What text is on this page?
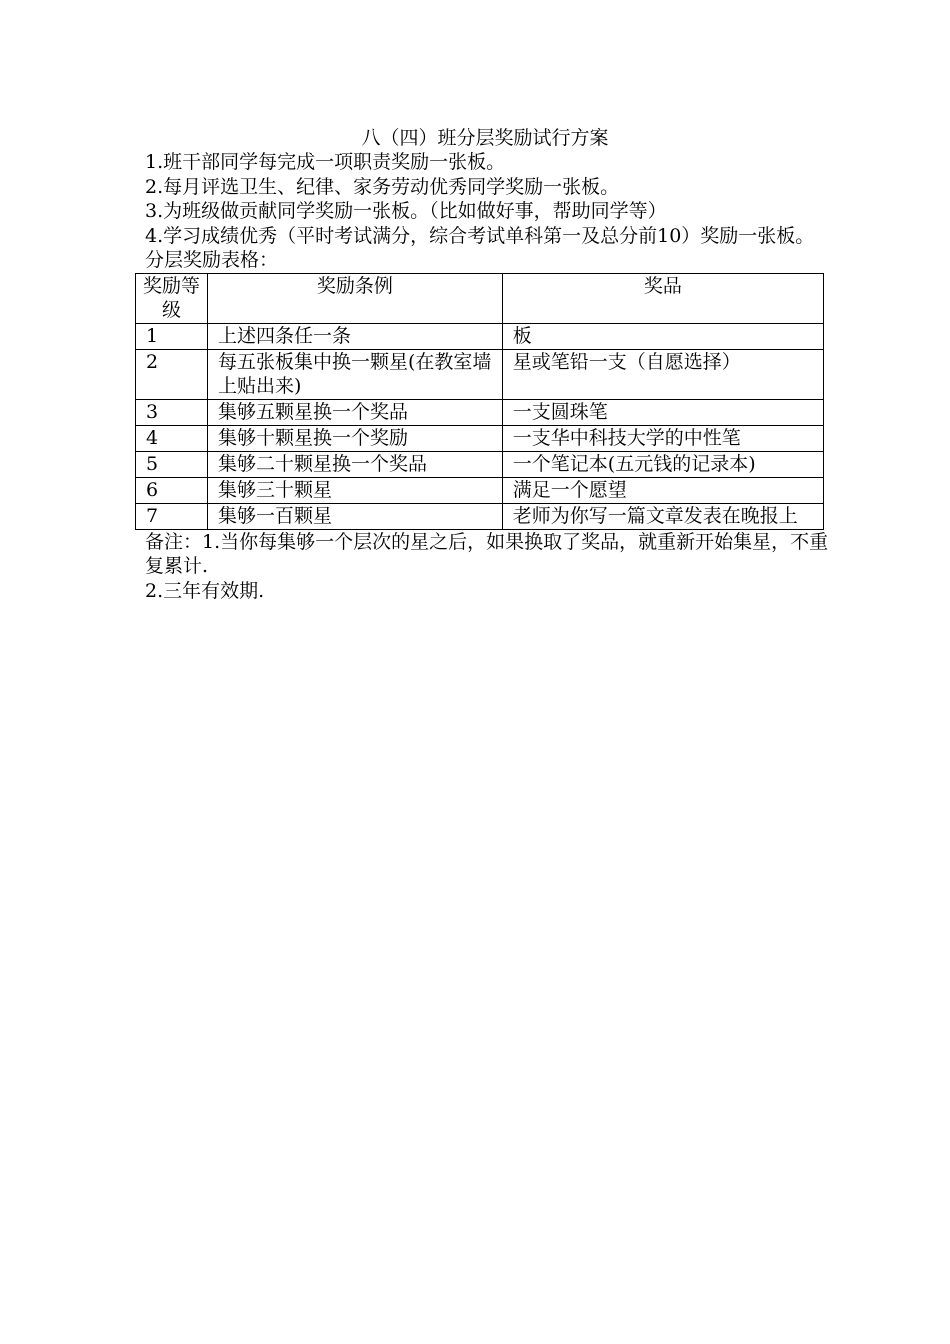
八（四）班分层奖励试行方案

1.班干部同学每完成一项职责奖励一张板。

2.每月评选卫生、纪律、家务劳动优秀同学奖励一张板。

3.为班级做贡献同学奖励一张板。（比如做好事，帮助同学等）

4.学习成绩优秀（平时考试满分，综合考试单科第一及总分前10）奖励一张板。

分层奖励表格：

奖励等级	奖励条例	奖品
1	上述四条任一条	板
2	每五张板集中换一颗星(在教室墙上贴出来)	星或笔铅一支（自愿选择）
3	集够五颗星换一个奖品	一支圆珠笔
4	集够十颗星换一个奖励	一支华中科技大学的中性笔
5	集够二十颗星换一个奖品	一个笔记本(五元钱的记录本)
6	集够三十颗星	满足一个愿望
7	集够一百颗星	老师为你写一篇文章发表在晚报上

备注：1.当你每集够一个层次的星之后，如果换取了奖品，就重新开始集星，不重复累计.

2.三年有效期.
